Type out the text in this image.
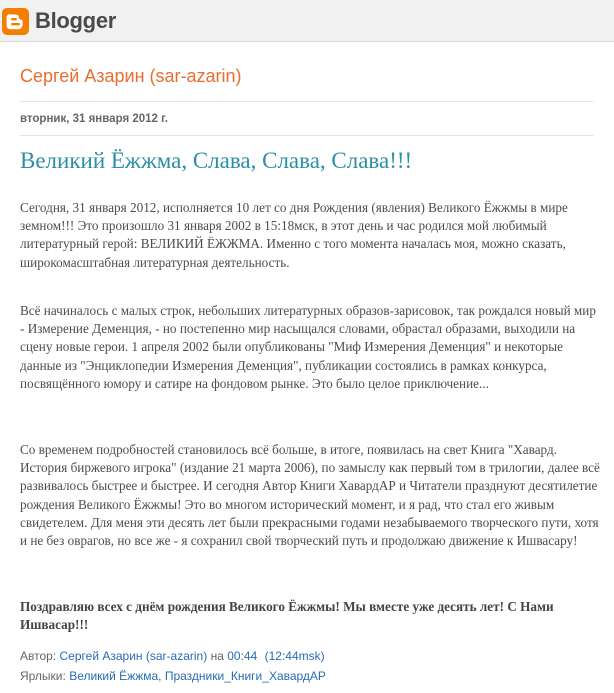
Blogger
Сергей Азарин (sar-azarin)
вторник, 31 января 2012 г.
Великий Ёжжма, Слава, Слава, Слава!!!
Сегодня, 31 января 2012, исполняется 10 лет со дня Рождения (явления) Великого Ёжжмы в мире земном!!! Это произошло 31 января 2002 в 15:18мск, в этот день и час родился мой любимый литературный герой: ВЕЛИКИЙ ЁЖЖМА. Именно с того момента началась моя, можно сказать, широкомасштабная литературная деятельность.
Всё начиналось с малых строк, небольших литературных образов-зарисовок, так рождался новый мир - Измерение Деменция, - но постепенно мир насыщался словами, обрастал образами, выходили на сцену новые герои. 1 апреля 2002 были опубликованы "Миф Измерения Деменция" и некоторые данные из "Энциклопедии Измерения Деменция", публикации состоялись в рамках конкурса, посвящённого юмору и сатире на фондовом рынке. Это было целое приключение...
Со временем подробностей становилось всё больше, в итоге, появилась на свет Книга "Хавард. История биржевого игрока" (издание 21 марта 2006), по замыслу как первый том в трилогии, далее всё развивалось быстрее и быстрее. И сегодня Автор Книги ХавардАР и Читатели празднуют десятилетие рождения Великого Ёжжмы! Это во многом исторический момент, и я рад, что стал его живым свидетелем. Для меня эти десять лет были прекрасными годами незабываемого творческого пути, хотя и не без оврагов, но все же - я сохранил свой творческий путь и продолжаю движение к Ишвасару!
Поздравляю всех с днём рождения Великого Ёжжмы! Мы вместе уже десять лет! С Нами Ишвасар!!!
Автор: Сергей Азарин (sar-azarin) на 00:44 (12:44msk)
Ярлыки: Великий Ёжжма, Праздники_Книги_ХавардАР
